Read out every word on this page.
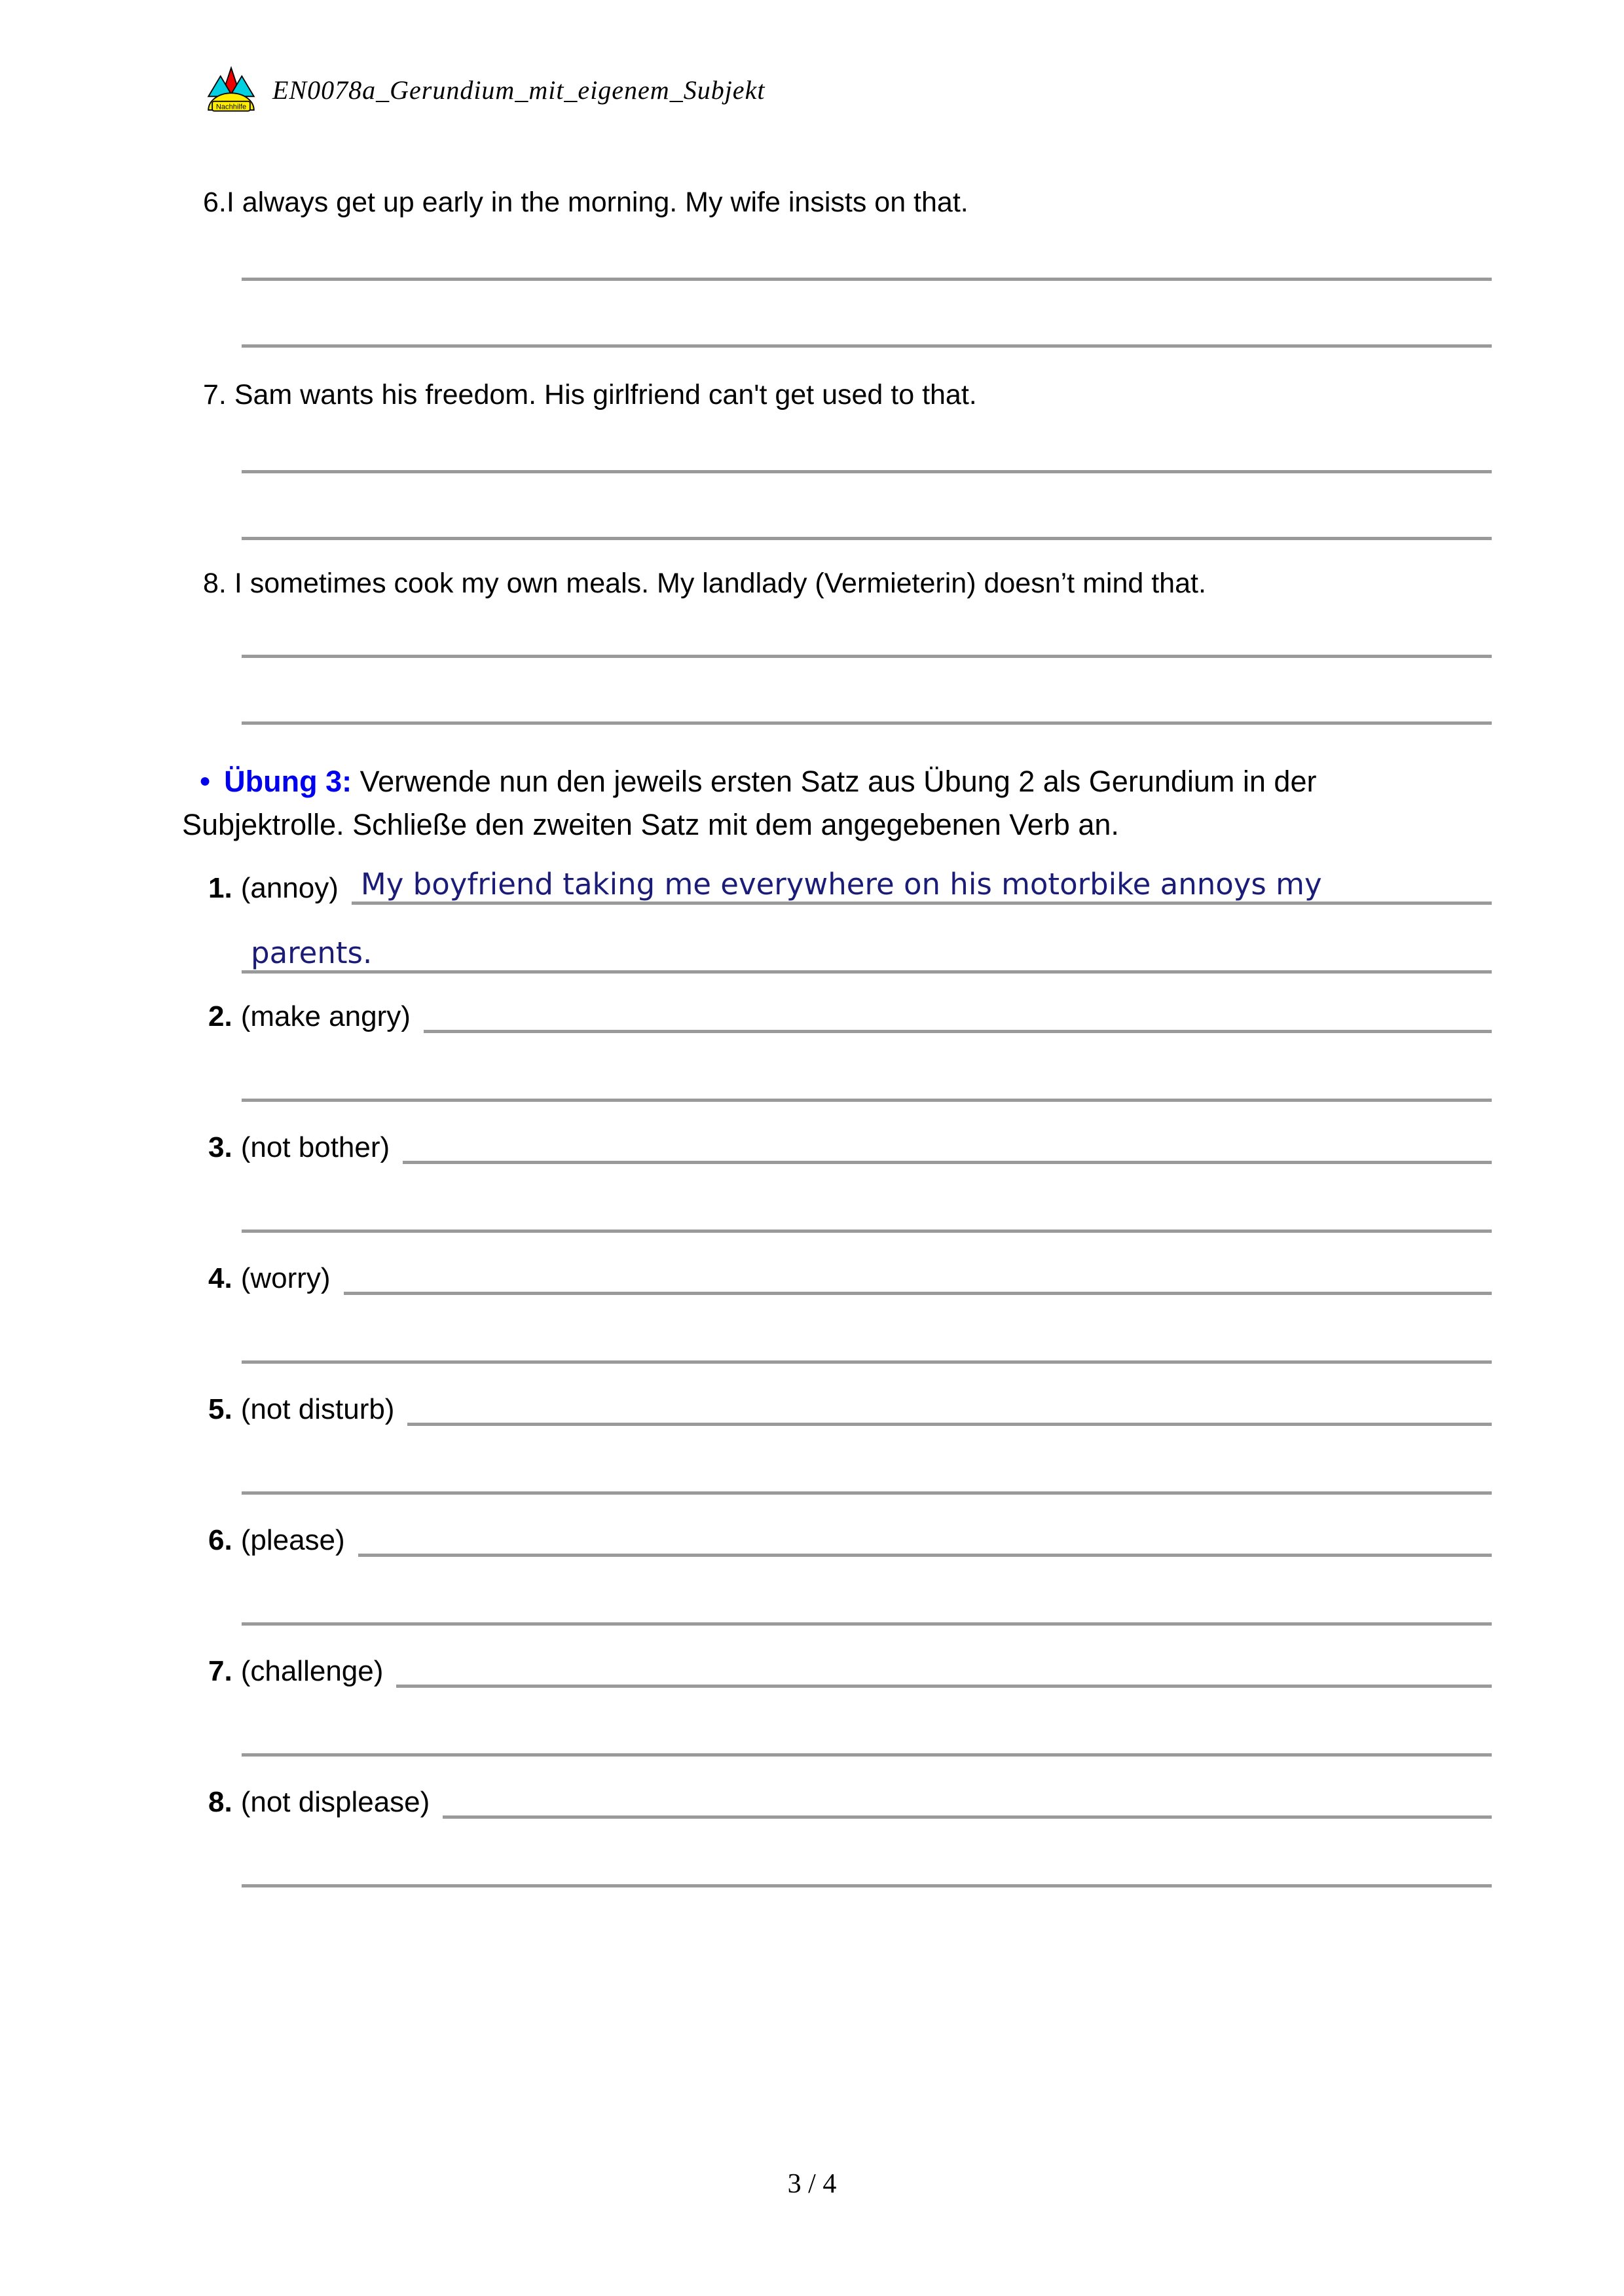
Nachhilfe
EN0078a_Gerundium_mit_eigenem_Subjekt
6.I always get up early in the morning. My wife insists on that.
7. Sam wants his freedom. His girlfriend can't get used to that.
8. I sometimes cook my own meals. My landlady (Vermieterin) doesn’t mind that.
● Übung 3: Verwende nun den jeweils ersten Satz aus Übung 2 als Gerundium in der
Subjektrolle. Schließe den zweiten Satz mit dem angegebenen Verb an.
1. (annoy) My boyfriend taking me everywhere on his motorbike annoys my
parents.
2. (make angry)
3. (not bother)
4. (worry)
5. (not disturb)
6. (please)
7. (challenge)
8. (not displease)
3 / 4
